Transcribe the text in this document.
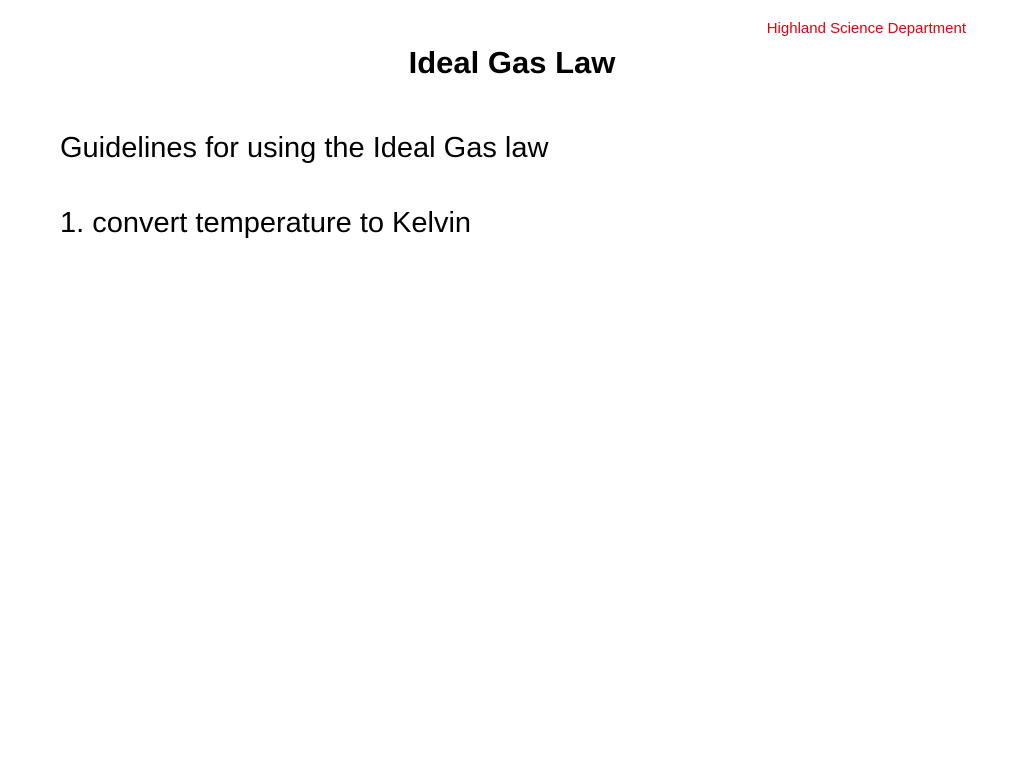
Highland Science Department
Ideal Gas Law

Guidelines for using the Ideal Gas law

1. convert temperature to Kelvin
